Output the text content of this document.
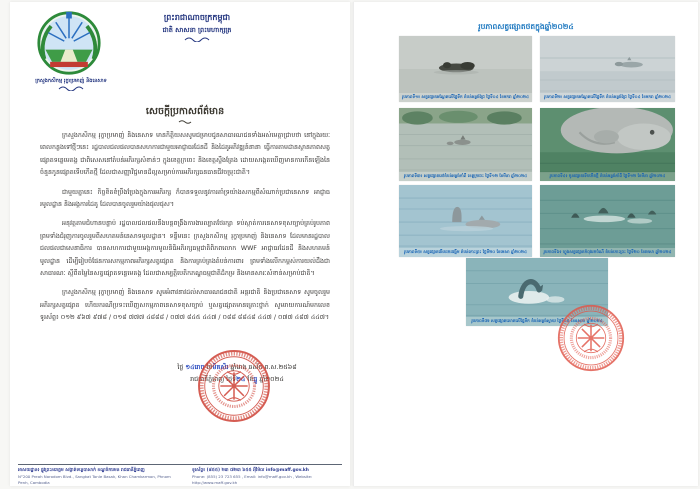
ក្រសួងកសិកម្ម រុក្ខាប្រមាញ់ និងនេសាទ
ព្រះរាជាណាចក្រកម្ពុជា
ជាតិ សាសនា ព្រះមហាក្សត្រ
សេចក្តីប្រកាសព័ត៌មាន

ក្រសួងកសិកម្ម រុក្ខាប្រមាញ់ និងនេសាទ មានកិត្តិយសសូមជម្រាបជូនសាធារណជនទាំងអស់មេត្តាជ្រាបថា នៅក្នុងរយៈពេលកន្លងទៅថ្មីៗនេះ រដ្ឋបាលជលផលបានសហការជាមួយអាជ្ញាធរដែនដី និងដៃគូអភិវឌ្ឍន៍នានា ធ្វើការតាមដានស្ថានភាពសត្វផ្សោតទន្លេមេគង្គ ជាពិសេសនៅតំបន់អភិរក្សសំខាន់ៗ ក្នុងខេត្តក្រចេះ និងខេត្តស្ទឹងត្រែង ដោយសង្កេតឃើញមានការកើនឡើងនៃចំនួនកូនផ្សោតទើបកើតថ្មី ដែលជាសញ្ញាវិជ្ជមានដ៏ល្អសម្រាប់ការអភិរក្សធនធានជីវចម្រុះជាតិ។

ជាមួយគ្នានេះ កិច្ចខិតខំប្រឹងប្រែងក្នុងការអភិរក្ស ក៏បានទទួលនូវការគាំទ្រយ៉ាងសកម្មពីសំណាក់ប្រជានេសាទ អាជ្ញាធរមូលដ្ឋាន និងអង្គការដៃគូ ដែលបានចូលរួមយ៉ាងផុលផុស។

អនុវត្តតាមជំហានបន្ទាប់ រដ្ឋបាលជលផលនឹងបន្តពង្រឹងការងារល្បាតថែរក្សា ទប់ស្កាត់ការនេសាទខុសច្បាប់គ្រប់រូបភាព ព្រមទាំងជំរុញការចូលរួមពីសហគមន៍នេសាទមូលដ្ឋាន។ ទន្ទឹមនេះ ក្រសួងកសិកម្ម រុក្ខាប្រមាញ់ និងនេសាទ ដែលមានរដ្ឋបាលជលផលជាសេនាធិការ បានសហការជាមួយអង្គការមូលនិធិអភិរក្សធម្មជាតិពិភពលោក WWF អាជ្ញាធរដែនដី និងសហគមន៍មូលដ្ឋាន ដើម្បីរៀបចំផែនការសកម្មភាពអភិរក្សសត្វផ្សោត និងការគ្រប់គ្រងតំបន់ការពារ ព្រមទាំងលើកកម្ពស់ការយល់ដឹងជាសាធារណៈ ស្តីពីតម្លៃនៃសត្វផ្សោតទន្លេមេគង្គ ដែលជាសម្បត្តិបេតិកភណ្ឌធម្មជាតិដ៏កម្រ និងមានសារៈសំខាន់សម្រាប់ជាតិ។

ក្រសួងកសិកម្ម រុក្ខាប្រមាញ់ និងនេសាទ សូមអំពាវនាវដល់សាធារណជនជាតិ អន្តរជាតិ និងប្រជានេសាទ សូមចូលរួមអភិរក្សសត្វផ្សោត ហើយករណីប្រទះឃើញសកម្មភាពនេសាទខុសច្បាប់ ឬសត្វផ្សោតមានគ្រោះថ្នាក់ សូមរាយការណ៍មកលេខទូរស័ព្ទ៖ ០១២ ៩៦៧ ៩៧៨ / ០១៨ ៧៧៧ ៤៨៨៨ / ០៧៧ ៨៤៥ ៤៤៧ / ០៨៨ ៨៨៤៨ ៤៤៧ / ០៧៧ ៤៨៧ ៤៤៧។

ថ្ងៃ ១៤រោច ខែមិគសិរ ឆ្នាំរោង ឆស័ក ព.ស.២៥៦៨
រាជធានីភ្នំពេញ ថ្ងៃទី២៤ ខែធ្នូ ឆ្នាំ២០២៤
អាសយដ្ឋាន៖ ផ្លូវព្រះនរោត្តម សង្កាត់ទន្លេបាសាក់ ខណ្ឌចំការមន រាជធានីភ្នំពេញ
N°200 Preah Norodom Blvd., Sangkat Tonle Basak, Khan Chamkarmon, Phnom Penh, Cambodia
ទូរស័ព្ទ៖ (៨៥៥) ២៣ ៧២៣ ៦៥៥ អុីម៉ែល info@maff.gov.kh
Phone: (855) 23 723 655 , Email: info@maff.gov.kh , Website: http://www.maff.gov.kh
រូបភាពសត្វផ្សោតថតក្នុងឆ្នាំ២០២៤
រូបភាពទី១៖ សត្វផ្សោតអណ្តែតលើផ្ទៃទឹក តំបន់អន្លង់ជ្រៃ ថ្ងៃទី០៤ ខែមករា ឆ្នាំ២០២៤	រូបភាពទី២៖ សត្វផ្សោតអណ្តែតលើផ្ទៃទឹក តំបន់អន្លង់ជ្រៃ ថ្ងៃទី០៤ ខែមករា ឆ្នាំ២០២៤
រូបភាពទី៣៖ សត្វផ្សោតនៅតំបន់អន្លង់កាំពី ខេត្តក្រចេះ ថ្ងៃទី១២ ខែមីនា ឆ្នាំ២០២៤	រូបភាពទី៤៖ កូនផ្សោតទើបកើតថ្មី តំបន់អន្លង់កាំពី ថ្ងៃទី១២ ខែមីនា ឆ្នាំ២០២៤
រូបភាពទី៥៖ សត្វផ្សោតងើបដកដង្ហើម តំបន់កោះព្រះ ថ្ងៃទី២០ ខែមេសា ឆ្នាំ២០២៤	រូបភាពទី៦៖ ហ្វូងសត្វផ្សោតកំពុងរកចំណី តំបន់កោះព្រះ ថ្ងៃទី២០ ខែមេសា ឆ្នាំ២០២៤
រូបភាពទី៧៖ សត្វផ្សោតលោតលើផ្ទៃទឹក តំបន់អន្លង់ស្វាយ ថ្ងៃទី០៥ ខែឧសភា ឆ្នាំ២០២៤
